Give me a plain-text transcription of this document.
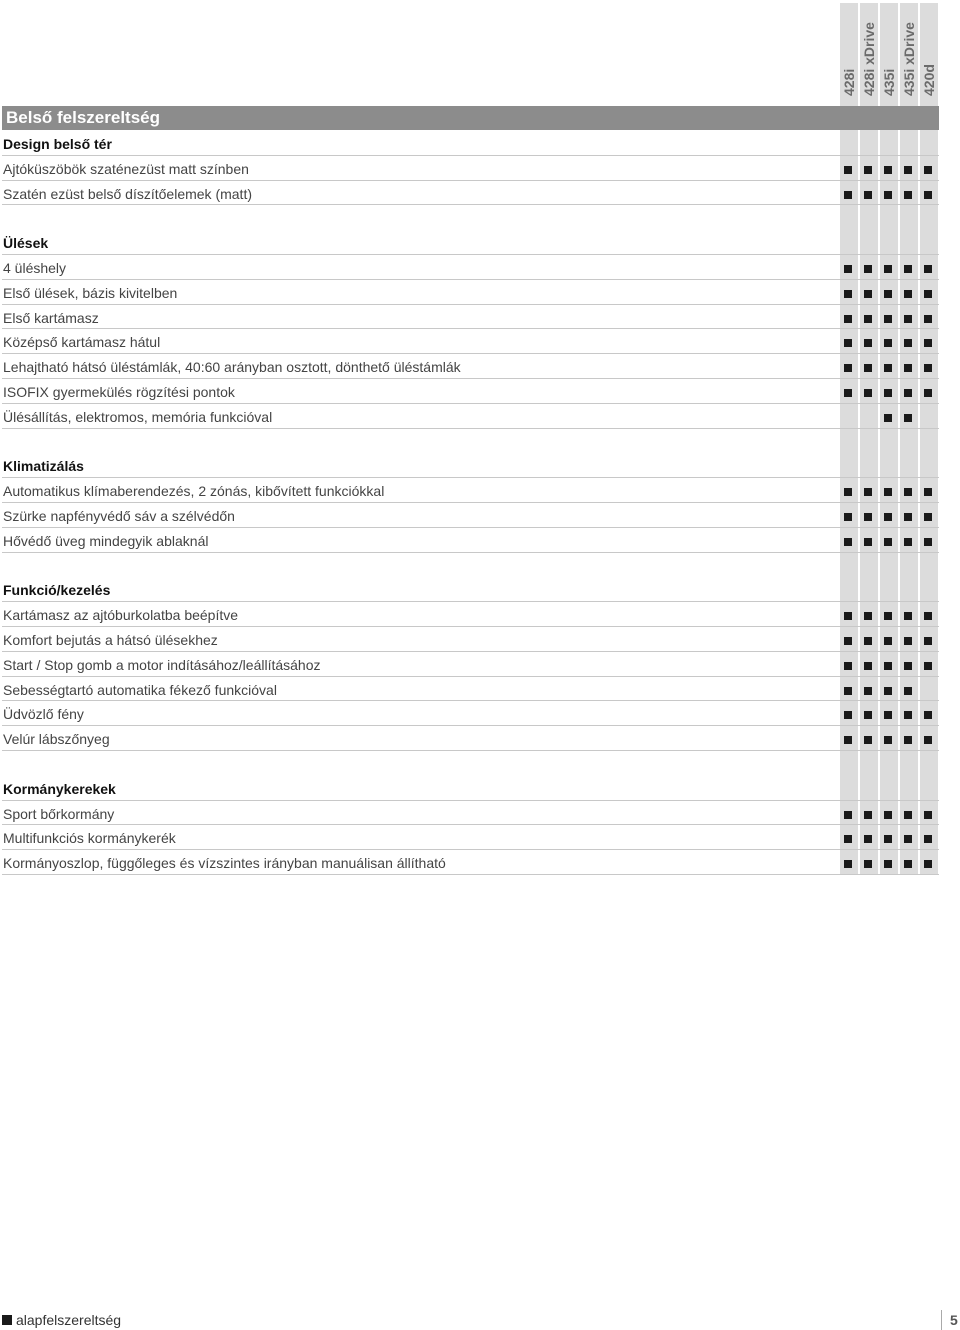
428i 428i xDrive 435i 435i xDrive 420d
Belső felszereltség
Design belső tér
Ajtóküszöbök szaténezüst matt színben
Szatén ezüst belső díszítőelemek (matt)
Ülések
4 üléshely
Első ülések, bázis kivitelben
Első kartámasz
Középső kartámasz hátul
Lehajtható hátsó üléstámlák, 40:60 arányban osztott, dönthető üléstámlák
ISOFIX gyermekülés rögzítési pontok
Ülésállítás, elektromos, memória funkcióval
Klimatizálás
Automatikus klímaberendezés, 2 zónás, kibővített funkciókkal
Szürke napfényvédő sáv a szélvédőn
Hővédő üveg mindegyik ablaknál
Funkció/kezelés
Kartámasz az ajtóburkolatba beépítve
Komfort bejutás a hátsó ülésekhez
Start / Stop gomb a motor indításához/leállításához
Sebességtartó automatika fékező funkcióval
Üdvözlő fény
Velúr lábszőnyeg
Kormánykerekek
Sport bőrkormány
Multifunkciós kormánykerék
Kormányoszlop, függőleges és vízszintes irányban manuálisan állítható
alapfelszereltség	5
